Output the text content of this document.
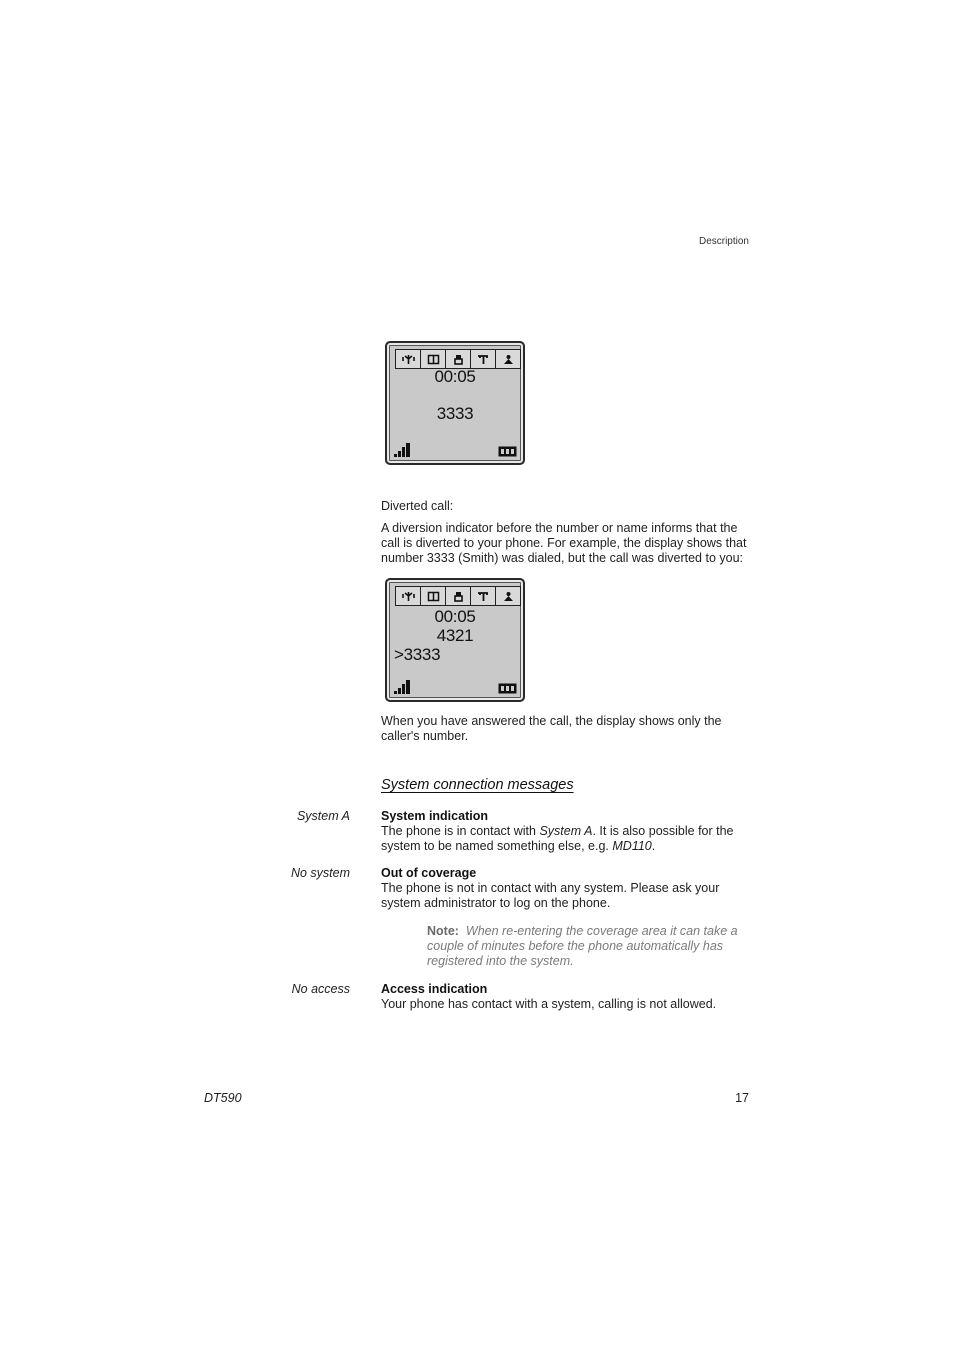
Description
00:05
3333
Diverted call:
A diversion indicator before the number or name informs that the call is diverted to your phone. For example, the display shows that number 3333 (Smith) was dialed, but the call was diverted to you:
00:05
4321
>3333
When you have answered the call, the display shows only the caller's number.
System connection messages
System A System indication
The phone is in contact with System A. It is also possible for the system to be named something else, e.g. MD110.
No system Out of coverage
The phone is not in contact with any system. Please ask your system administrator to log on the phone.
Note: When re-entering the coverage area it can take a couple of minutes before the phone automatically has registered into the system.
No access Access indication
Your phone has contact with a system, calling is not allowed.
DT590	17
